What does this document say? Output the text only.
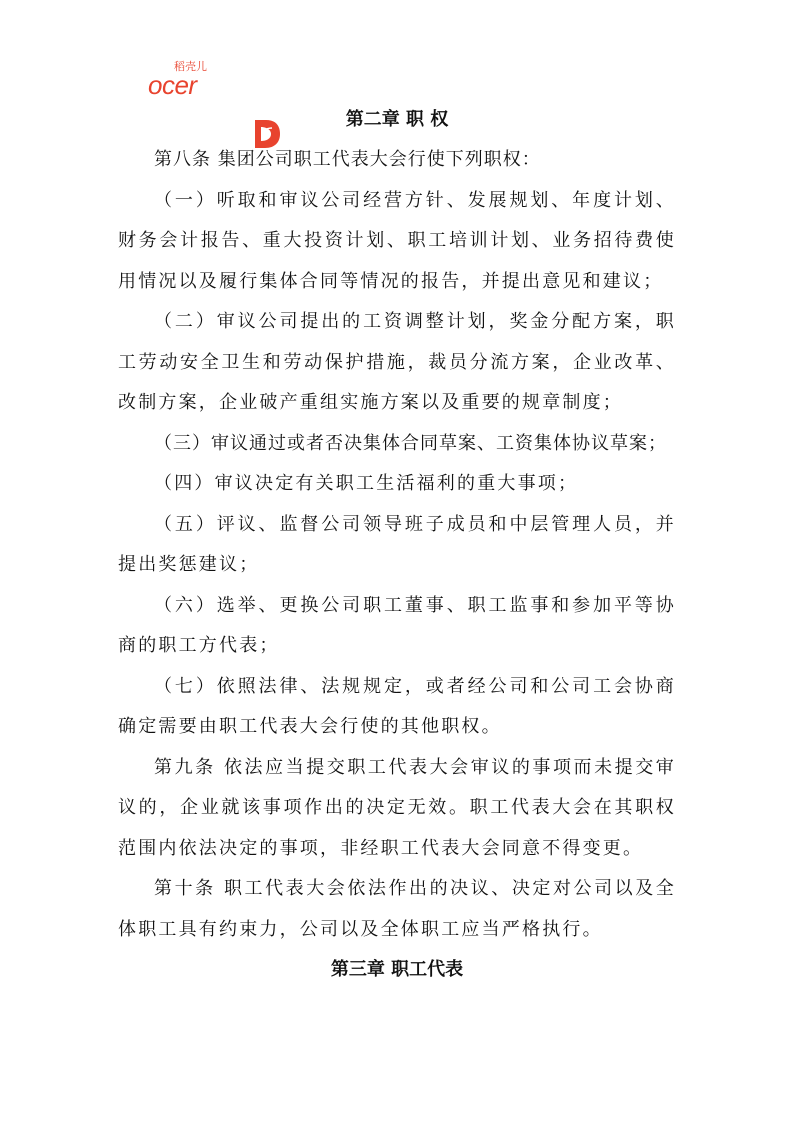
稻壳儿
ocer

第二章 职 权

第八条 集团公司职工代表大会行使下列职权：

（一）听取和审议公司经营方针、发展规划、年度计划、财务会计报告、重大投资计划、职工培训计划、业务招待费使用情况以及履行集体合同等情况的报告，并提出意见和建议；

（二）审议公司提出的工资调整计划，奖金分配方案，职工劳动安全卫生和劳动保护措施，裁员分流方案，企业改革、改制方案，企业破产重组实施方案以及重要的规章制度；

（三）审议通过或者否决集体合同草案、工资集体协议草案；

（四）审议决定有关职工生活福利的重大事项；

（五）评议、监督公司领导班子成员和中层管理人员，并提出奖惩建议；

（六）选举、更换公司职工董事、职工监事和参加平等协商的职工方代表；

（七）依照法律、法规规定，或者经公司和公司工会协商确定需要由职工代表大会行使的其他职权。

第九条 依法应当提交职工代表大会审议的事项而未提交审议的，企业就该事项作出的决定无效。职工代表大会在其职权范围内依法决定的事项，非经职工代表大会同意不得变更。

第十条 职工代表大会依法作出的决议、决定对公司以及全体职工具有约束力，公司以及全体职工应当严格执行。

第三章 职工代表
